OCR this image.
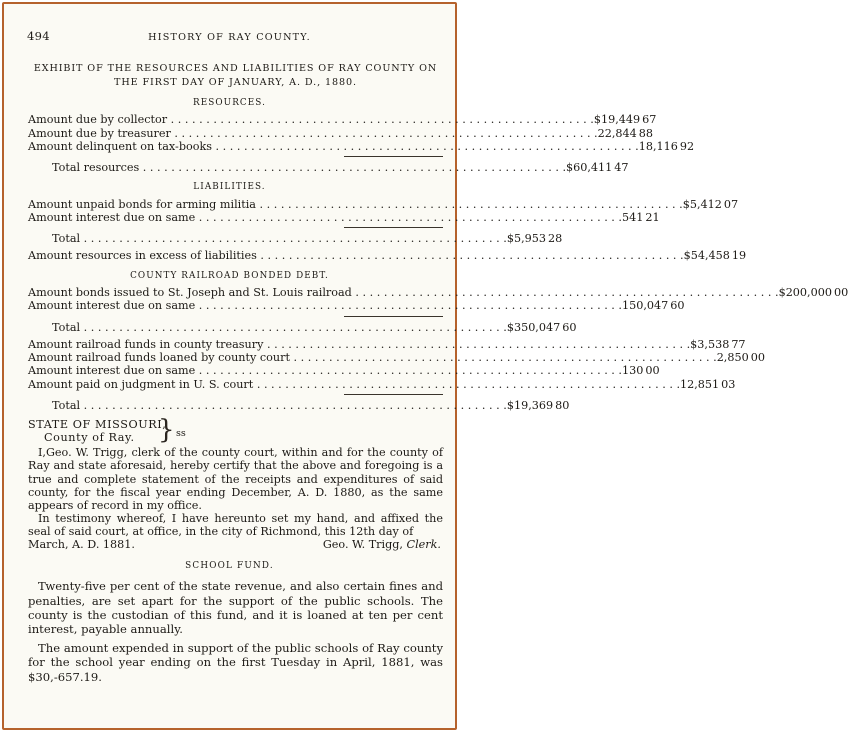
494	HISTORY OF RAY COUNTY.
EXHIBIT OF THE RESOURCES AND LIABILITIES OF RAY COUNTY ON THE FIRST DAY OF JANUARY, A. D., 1880.
RESOURCES.
Amount due by collector . . . . . . . . . . . . . . . . . . . . . . . . . . . . . . . . . . . . . . . . . . . . . . . . . . . . . . . . . . . . $ 19,449 67
Amount due by treasurer . . . . . . . . . . . . . . . . . . . . . . . . . . . . . . . . . . . . . . . . . . . . . . . . . . . . . . . . . . . . 22,844 88
Amount delinquent on tax-books . . . . . . . . . . . . . . . . . . . . . . . . . . . . . . . . . . . . . . . . . . . . . . . . . . . . . . . . . . . . 18,116 92
Total resources . . . . . . . . . . . . . . . . . . . . . . . . . . . . . . . . . . . . . . . . . . . . . . . . . . . . . . . . . . . . $ 60,411 47
LIABILITIES.
Amount unpaid bonds for arming militia . . . . . . . . . . . . . . . . . . . . . . . . . . . . . . . . . . . . . . . . . . . . . . . . . . . . . . . . . . . . $ 5,412 07
Amount interest due on same . . . . . . . . . . . . . . . . . . . . . . . . . . . . . . . . . . . . . . . . . . . . . . . . . . . . . . . . . . . . 541 21
Total . . . . . . . . . . . . . . . . . . . . . . . . . . . . . . . . . . . . . . . . . . . . . . . . . . . . . . . . . . . . $ 5,953 28
Amount resources in excess of liabilities . . . . . . . . . . . . . . . . . . . . . . . . . . . . . . . . . . . . . . . . . . . . . . . . . . . . . . . . . . . . $ 54,458 19
COUNTY RAILROAD BONDED DEBT.
Amount bonds issued to St. Joseph and St. Louis railroad . . . . . . . . . . . . . . . . . . . . . . . . . . . . . . . . . . . . . . . . . . . . . . . . . . . . . . . . . . . . $ 200,000 00
Amount interest due on same . . . . . . . . . . . . . . . . . . . . . . . . . . . . . . . . . . . . . . . . . . . . . . . . . . . . . . . . . . . . 150,047 60
Total . . . . . . . . . . . . . . . . . . . . . . . . . . . . . . . . . . . . . . . . . . . . . . . . . . . . . . . . . . . . $ 350,047 60
Amount railroad funds in county treasury . . . . . . . . . . . . . . . . . . . . . . . . . . . . . . . . . . . . . . . . . . . . . . . . . . . . . . . . . . . . $ 3,538 77
Amount railroad funds loaned by county court . . . . . . . . . . . . . . . . . . . . . . . . . . . . . . . . . . . . . . . . . . . . . . . . . . . . . . . . . . . . 2,850 00
Amount interest due on same . . . . . . . . . . . . . . . . . . . . . . . . . . . . . . . . . . . . . . . . . . . . . . . . . . . . . . . . . . . . 130 00
Amount paid on judgment in U. S. court . . . . . . . . . . . . . . . . . . . . . . . . . . . . . . . . . . . . . . . . . . . . . . . . . . . . . . . . . . . . 12,851 03
Total . . . . . . . . . . . . . . . . . . . . . . . . . . . . . . . . . . . . . . . . . . . . . . . . . . . . . . . . . . . . $ 19,369 80
STATE OF MISSOURI,
County of Ray. } ss
I,Geo. W. Trigg, clerk of the county court, within and for the county of Ray and state aforesaid, hereby certify that the above and foregoing is a true and complete statement of the receipts and expenditures of said county, for the fiscal year ending December, A. D. 1880, as the same appears of record in my office.
In testimony whereof, I have hereunto set my hand, and affixed the seal of said court, at office, in the city of Richmond, this 12th day of
March, A. D. 1881.	Geo. W. Trigg, Clerk.
SCHOOL FUND.
Twenty-five per cent of the state revenue, and also certain fines and penalties, are set apart for the support of the public schools. The county is the custodian of this fund, and it is loaned at ten per cent interest, payable annually.
The amount expended in support of the public schools of Ray county for the school year ending on the first Tuesday in April, 1881, was $30,-657.19.
